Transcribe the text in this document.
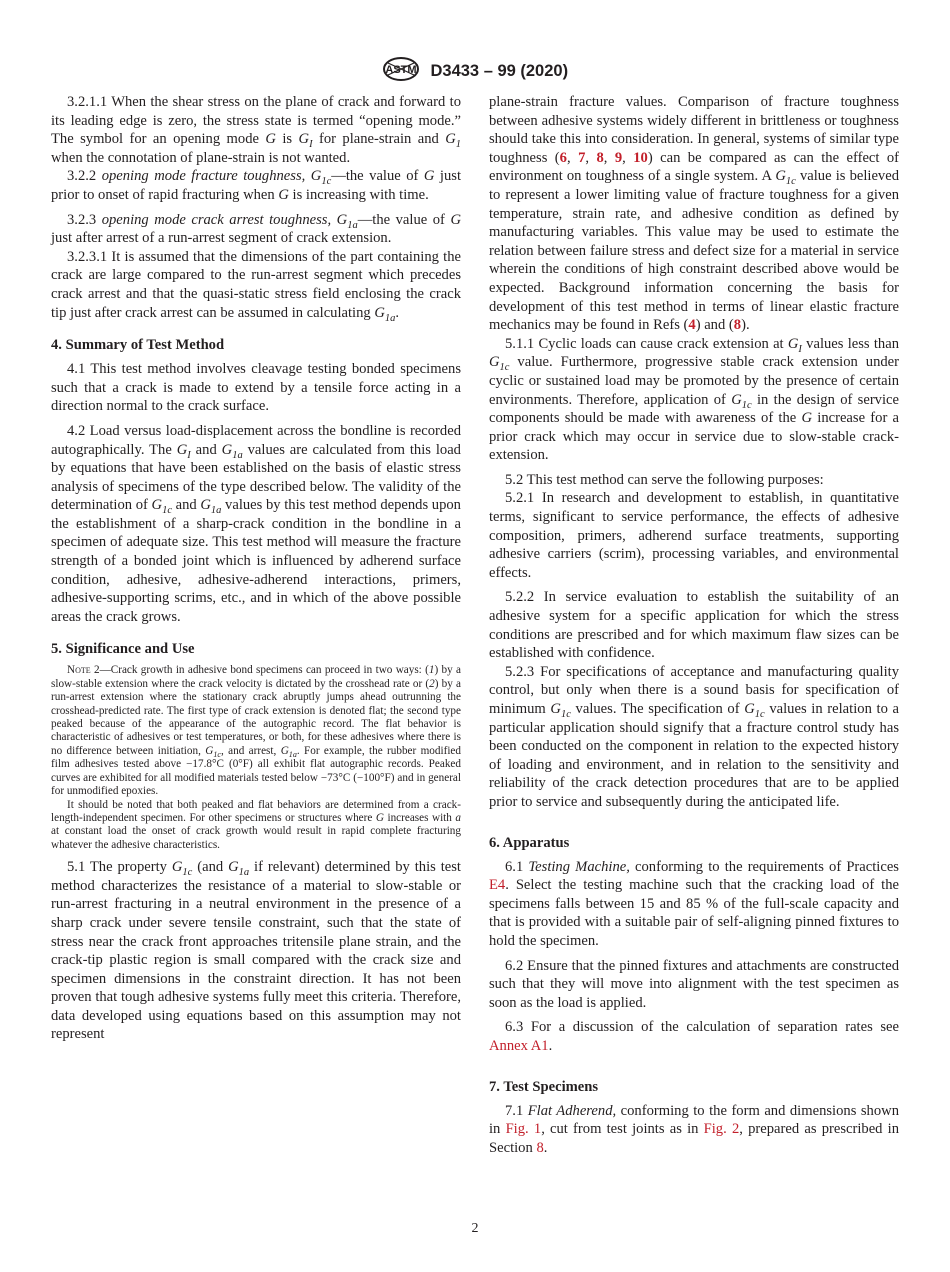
ASTM D3433 – 99 (2020)

3.2.1.1 When the shear stress on the plane of crack and forward to its leading edge is zero, the stress state is termed “opening mode.” The symbol for an opening mode G is $G_I$ for plane-strain and $G_1$ when the connotation of plane-strain is not wanted.

3.2.2 opening mode fracture toughness, $G_{1c}—the$ value of G just prior to onset of rapid fracturing when G is increasing with time.

3.2.3 opening mode crack arrest toughness, $G_{1a}—the$ value of G just after arrest of a run-arrest segment of crack extension.

3.2.3.1 It is assumed that the dimensions of the part containing the crack are large compared to the run-arrest segment which precedes crack arrest and that the quasi-static stress field enclosing the crack tip just after crack arrest can be assumed in calculating $G_{1a}$.

4. Summary of Test Method

4.1 This test method involves cleavage testing bonded specimens such that a crack is made to extend by a tensile force acting in a direction normal to the crack surface.

4.2 Load versus load-displacement across the bondline is recorded autographically. The $G_I$ and $G_{1a}$ values are calculated from this load by equations that have been established on the basis of elastic stress analysis of specimens of the type described below. The validity of the determination of $G_{1c}$ and $G_{1a}$ values by this test method depends upon the establishment of a sharp-crack condition in the bondline in a specimen of adequate size. This test method will measure the fracture strength of a bonded joint which is influenced by adherend surface condition, adhesive, adhesive-adherend interactions, primers, adhesive-supporting scrims, etc., and in which of the above possible areas the crack grows.

5. Significance and Use

Note 2—Crack growth in adhesive bond specimens can proceed in two ways: (1) by a slow-stable extension where the crack velocity is dictated by the crosshead rate or (2) by a run-arrest extension where the stationary crack abruptly jumps ahead outrunning the crosshead-predicted rate. The first type of crack extension is denoted flat; the second type peaked because of the appearance of the autographic record. The flat behavior is characteristic of adhesives or test temperatures, or both, for these adhesives where there is no difference between initiation, $G_{1c}$, and arrest, $G_{1a}$. For example, the rubber modified film adhesives tested above −17.8°C (0°F) all exhibit flat autographic records. Peaked curves are exhibited for all modified materials tested below −73°C (−100°F) and in general for unmodified epoxies.

It should be noted that both peaked and flat behaviors are determined from a crack-length-independent specimen. For other specimens or structures where G increases with a at constant load the onset of crack growth would result in rapid complete fracturing whatever the adhesive characteristics.

5.1 The property $G_{1c}$ (and $G_{1a}$ if relevant) determined by this test method characterizes the resistance of a material to slow-stable or run-arrest fracturing in a neutral environment in the presence of a sharp crack under severe tensile constraint, such that the state of stress near the crack front approaches tritensile plane strain, and the crack-tip plastic region is small compared with the crack size and specimen dimensions in the constraint direction. It has not been proven that tough adhesive systems fully meet this criteria. Therefore, data developed using equations based on this assumption may not represent

plane-strain fracture values. Comparison of fracture toughness between adhesive systems widely different in brittleness or toughness should take this into consideration. In general, systems of similar type toughness (6, 7, 8, 9, 10) can be compared as can the effect of environment on toughness of a single system. A $G_{1c}$ value is believed to represent a lower limiting value of fracture toughness for a given temperature, strain rate, and adhesive condition as defined by manufacturing variables. This value may be used to estimate the relation between failure stress and defect size for a material in service wherein the conditions of high constraint described above would be expected. Background information concerning the basis for development of this test method in terms of linear elastic fracture mechanics may be found in Refs (4) and (8).

5.1.1 Cyclic loads can cause crack extension at $G_I$ values less than $G_{1c}$ value. Furthermore, progressive stable crack extension under cyclic or sustained load may be promoted by the presence of certain environments. Therefore, application of $G_{1c}$ in the design of service components should be made with awareness of the G increase for a prior crack which may occur in service due to slow-stable crack-extension.

5.2 This test method can serve the following purposes:

5.2.1 In research and development to establish, in quantitative terms, significant to service performance, the effects of adhesive composition, primers, adherend surface treatments, supporting adhesive carriers (scrim), processing variables, and environmental effects.

5.2.2 In service evaluation to establish the suitability of an adhesive system for a specific application for which the stress conditions are prescribed and for which maximum flaw sizes can be established with confidence.

5.2.3 For specifications of acceptance and manufacturing quality control, but only when there is a sound basis for specification of minimum $G_{1c}$ values. The specification of $G_{1c}$ values in relation to a particular application should signify that a fracture control study has been conducted on the component in relation to the expected history of loading and environment, and in relation to the sensitivity and reliability of the crack detection procedures that are to be applied prior to service and subsequently during the anticipated life.

6. Apparatus

6.1 Testing Machine, conforming to the requirements of Practices E4. Select the testing machine such that the cracking load of the specimens falls between 15 and 85 % of the full-scale capacity and that is provided with a suitable pair of self-aligning pinned fixtures to hold the specimen.

6.2 Ensure that the pinned fixtures and attachments are constructed such that they will move into alignment with the test specimen as soon as the load is applied.

6.3 For a discussion of the calculation of separation rates see Annex A1.

7. Test Specimens

7.1 Flat Adherend, conforming to the form and dimensions shown in Fig. 1, cut from test joints as in Fig. 2, prepared as prescribed in Section 8.

2
